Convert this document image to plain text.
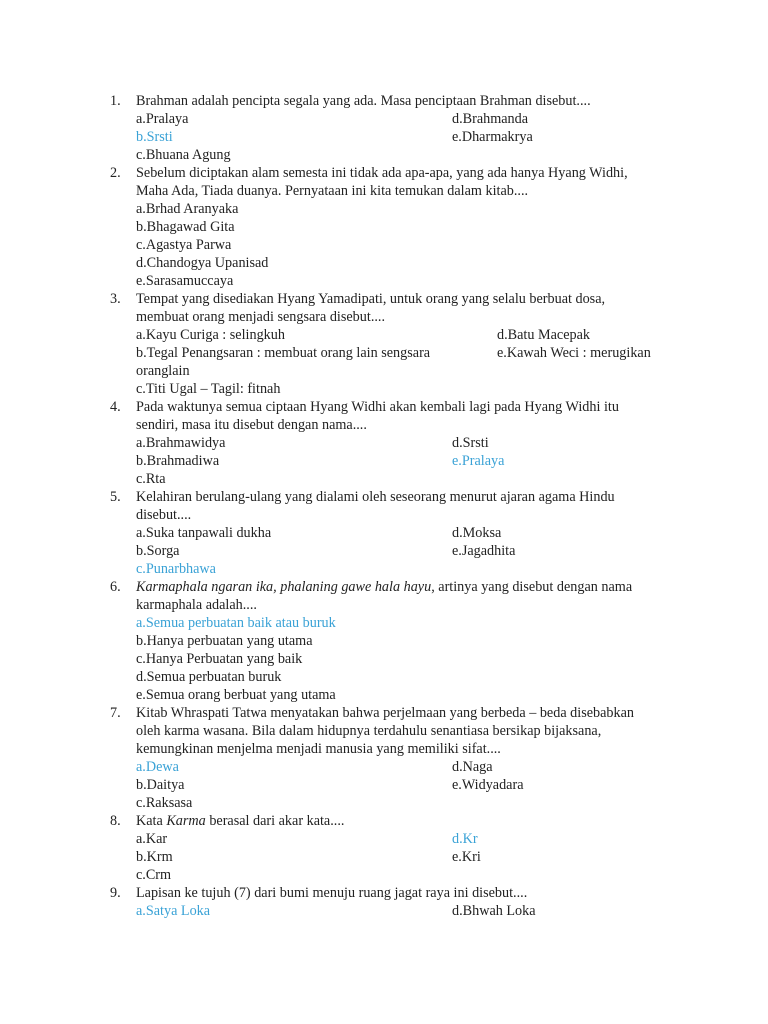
1. Brahman adalah pencipta segala yang ada. Masa penciptaan Brahman disebut....
a.Pralaya	d.Brahmanda
b.Srsti	e.Dharmakrya
c.Bhuana Agung
2. Sebelum diciptakan alam semesta ini tidak ada apa-apa, yang ada hanya Hyang Widhi,
Maha Ada, Tiada duanya. Pernyataan ini kita temukan dalam kitab....
a.Brhad Aranyaka
b.Bhagawad Gita
c.Agastya Parwa
d.Chandogya Upanisad
e.Sarasamuccaya
3. Tempat yang disediakan Hyang Yamadipati, untuk orang yang selalu berbuat dosa,
membuat orang menjadi sengsara disebut....
a.Kayu Curiga : selingkuh	d.Batu Macepak
b.Tegal Penangsaran : membuat orang lain sengsara	e.Kawah Weci : merugikan
oranglain
c.Titi Ugal – Tagil: fitnah
4. Pada waktunya semua ciptaan Hyang Widhi akan kembali lagi pada Hyang Widhi itu
sendiri, masa itu disebut dengan nama....
a.Brahmawidya	d.Srsti
b.Brahmadiwa	e.Pralaya
c.Rta
5. Kelahiran berulang-ulang yang dialami oleh seseorang menurut ajaran agama Hindu
disebut....
a.Suka tanpawali dukha	d.Moksa
b.Sorga	e.Jagadhita
c.Punarbhawa
6. Karmaphala ngaran ika, phalaning gawe hala hayu, artinya yang disebut dengan nama
karmaphala adalah....
a.Semua perbuatan baik atau buruk
b.Hanya perbuatan yang utama
c.Hanya Perbuatan yang baik
d.Semua perbuatan buruk
e.Semua orang berbuat yang utama
7. Kitab Whraspati Tatwa menyatakan bahwa perjelmaan yang berbeda – beda disebabkan
oleh karma wasana. Bila dalam hidupnya terdahulu senantiasa bersikap bijaksana,
kemungkinan menjelma menjadi manusia yang memiliki sifat....
a.Dewa	d.Naga
b.Daitya	e.Widyadara
c.Raksasa
8. Kata Karma berasal dari akar kata....
a.Kar	d.Kr
b.Krm	e.Kri
c.Crm
9. Lapisan ke tujuh (7) dari bumi menuju ruang jagat raya ini disebut....
a.Satya Loka	d.Bhwah Loka
